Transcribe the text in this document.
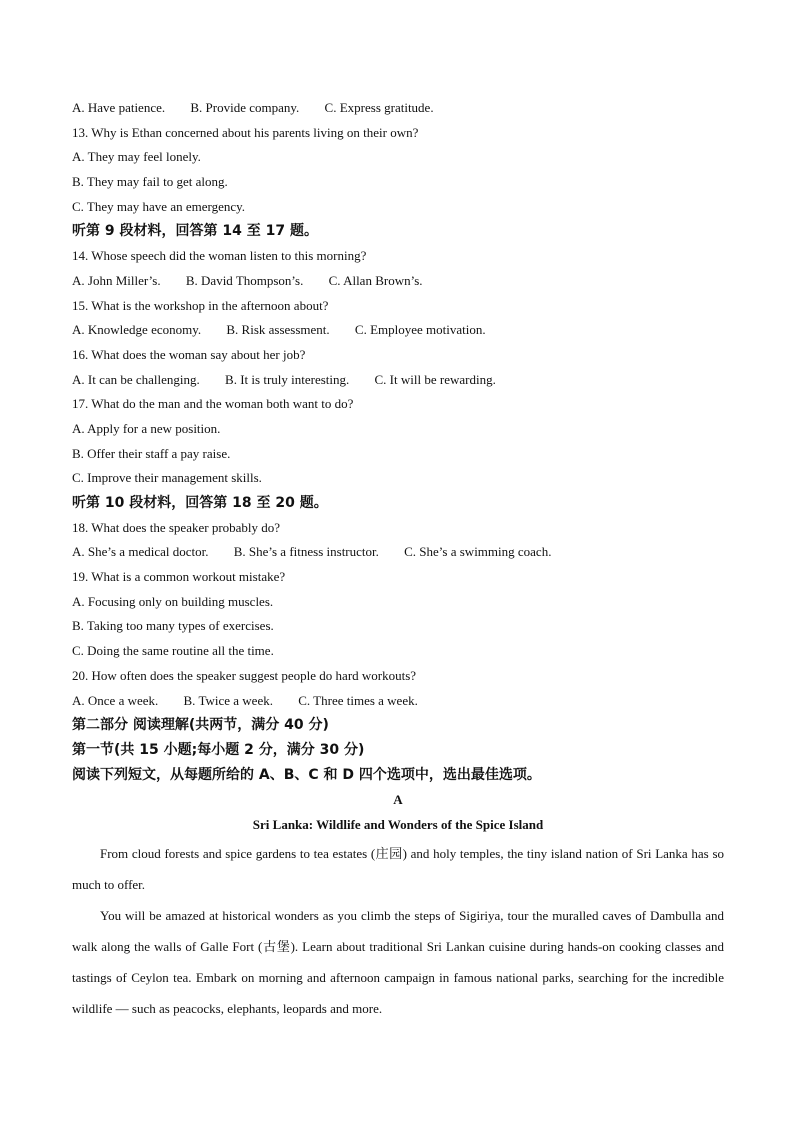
A. Have patience. B. Provide company. C. Express gratitude.
13. Why is Ethan concerned about his parents living on their own?
A. They may feel lonely.
B. They may fail to get along.
C. They may have an emergency.
听第 9 段材料，回答第 14 至 17 题。
14. Whose speech did the woman listen to this morning?
A. John Miller’s. B. David Thompson’s. C. Allan Brown’s.
15. What is the workshop in the afternoon about?
A. Knowledge economy. B. Risk assessment. C. Employee motivation.
16. What does the woman say about her job?
A. It can be challenging. B. It is truly interesting. C. It will be rewarding.
17. What do the man and the woman both want to do?
A. Apply for a new position.
B. Offer their staff a pay raise.
C. Improve their management skills.
听第 10 段材料，回答第 18 至 20 题。
18. What does the speaker probably do?
A. She’s a medical doctor. B. She’s a fitness instructor. C. She’s a swimming coach.
19. What is a common workout mistake?
A. Focusing only on building muscles.
B. Taking too many types of exercises.
C. Doing the same routine all the time.
20. How often does the speaker suggest people do hard workouts?
A. Once a week. B. Twice a week. C. Three times a week.
第二部分 阅读理解(共两节，满分 40 分)
第一节(共 15 小题;每小题 2 分，满分 30 分)
阅读下列短文，从每题所给的 A、B、C 和 D 四个选项中，选出最佳选项。
A
Sri Lanka: Wildlife and Wonders of the Spice Island

From cloud forests and spice gardens to tea estates (庄园) and holy temples, the tiny island nation of Sri Lanka has so much to offer.

You will be amazed at historical wonders as you climb the steps of Sigiriya, tour the muralled caves of Dambulla and walk along the walls of Galle Fort (古堡). Learn about traditional Sri Lankan cuisine during hands-on cooking classes and tastings of Ceylon tea. Embark on morning and afternoon campaign in famous national parks, searching for the incredible wildlife — such as peacocks, elephants, leopards and more.
